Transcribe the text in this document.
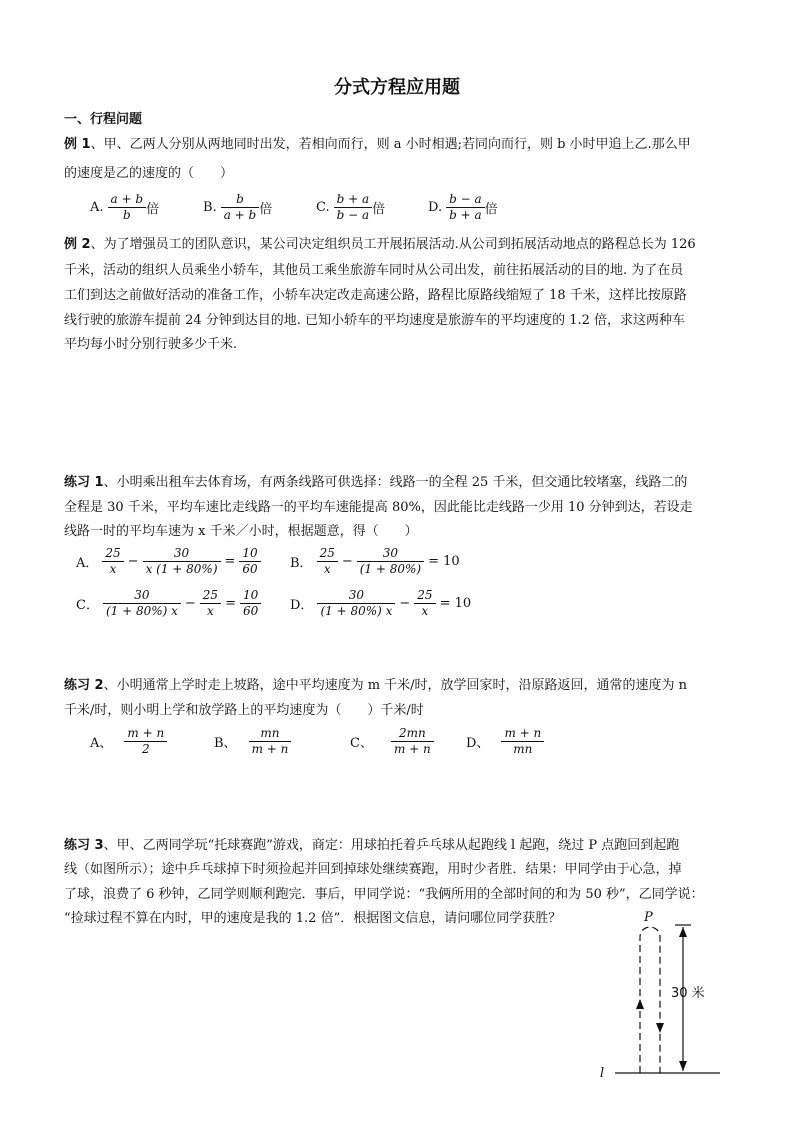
分式方程应用题
一、行程问题
例 1、甲、乙两人分别从两地同时出发，若相向而行，则 a 小时相遇;若同向而行，则 b 小时甲追上乙.那么甲
的速度是乙的速度的（　　）
A. $\frac{a + b}{b}$ 倍	B. $\frac{b}{a + b}$ 倍	C. $\frac{b + a}{b - a}$ 倍	D. $\frac{b - a}{b + a}$ 倍
例 2、为了增强员工的团队意识，某公司决定组织员工开展拓展活动.从公司到拓展活动地点的路程总长为 126
千米，活动的组织人员乘坐小轿车，其他员工乘坐旅游车同时从公司出发，前往拓展活动的目的地. 为了在员
工们到达之前做好活动的准备工作，小轿车决定改走高速公路，路程比原路线缩短了 18 千米，这样比按原路
线行驶的旅游车提前 24 分钟到达目的地. 已知小轿车的平均速度是旅游车的平均速度的 1.2 倍，求这两种车
平均每小时分别行驶多少千米.
练习 1、小明乘出租车去体育场，有两条线路可供选择：线路一的全程 25 千米，但交通比较堵塞，线路二的
全程是 30 千米，平均车速比走线路一的平均车速能提高 80%，因此能比走线路一少用 10 分钟到达，若设走
线路一时的平均车速为 x 千米／小时，根据题意，得（　　）
A． $\frac{25}{x} - \frac{30}{x (1 + 80\%)} = \frac{10}{60}$ B． $\frac{25}{x} - \frac{30}{(1 + 80\%)} = 10$
C． $\frac{30}{(1 + 80\%) x} - \frac{25}{x} = \frac{10}{60}$ D． $\frac{30}{(1 + 80\%) x} - \frac{25}{x} = 10$
练习 2、小明通常上学时走上坡路，途中平均速度为 m 千米/时，放学回家时，沿原路返回，通常的速度为 n
千米/时，则小明上学和放学路上的平均速度为（　　）千米/时
A、 $\frac{m + n}{2}$	B、 $\frac{mn}{m + n}$	C、 $\frac{2mn}{m + n}$ D、 $\frac{m + n}{mn}$
练习 3、甲、乙两同学玩“托球赛跑”游戏，商定：用球拍托着乒乓球从起跑线 l 起跑，绕过 P 点跑回到起跑
线（如图所示）；途中乒乓球掉下时须捡起并回到掉球处继续赛跑，用时少者胜．结果：甲同学由于心急，掉
了球，浪费了 6 秒钟，乙同学则顺利跑完．事后，甲同学说：“我俩所用的全部时间的和为 50 秒”，乙同学说：
“捡球过程不算在内时，甲的速度是我的 1.2 倍”．根据图文信息，请问哪位同学获胜？	P
30 米
l
